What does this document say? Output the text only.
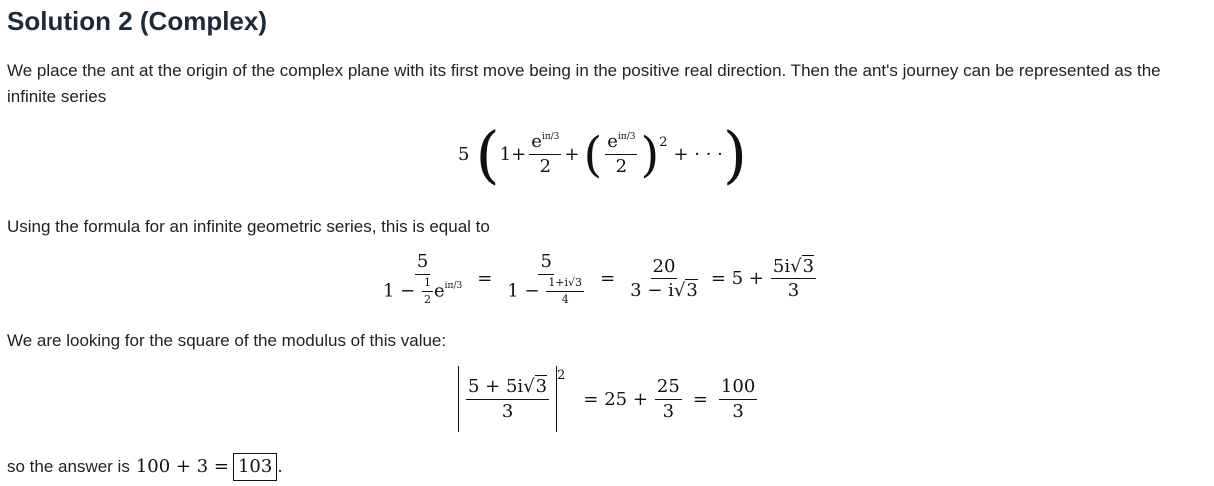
Solution 2 (Complex)
We place the ant at the origin of the complex plane with its first move being in the positive real direction. Then the ant's journey can be represented as the infinite series
5 ( $1+ \frac{e^{i\pi/3}}{2}$ + ( $\frac{e^{i\pi/3}}{2}$ ) 2
+ · · · )
Using the formula for an infinite geometric series, this is equal to
$\frac{5}{1 - \frac{1}{2} e^{i\pi/3}} = \frac{5}{1 - \frac{1+i√3}{4}} = \frac{20}{3 - i√3} = 5 + \frac{5i√3}{3}$
We are looking for the square of the modulus of this value:
$\frac{5 + 5i√3}{3}$
2
= $25 + \frac{25}{3} = \frac{100}{3}$
so the answer is 100 + 3 = 103 .
